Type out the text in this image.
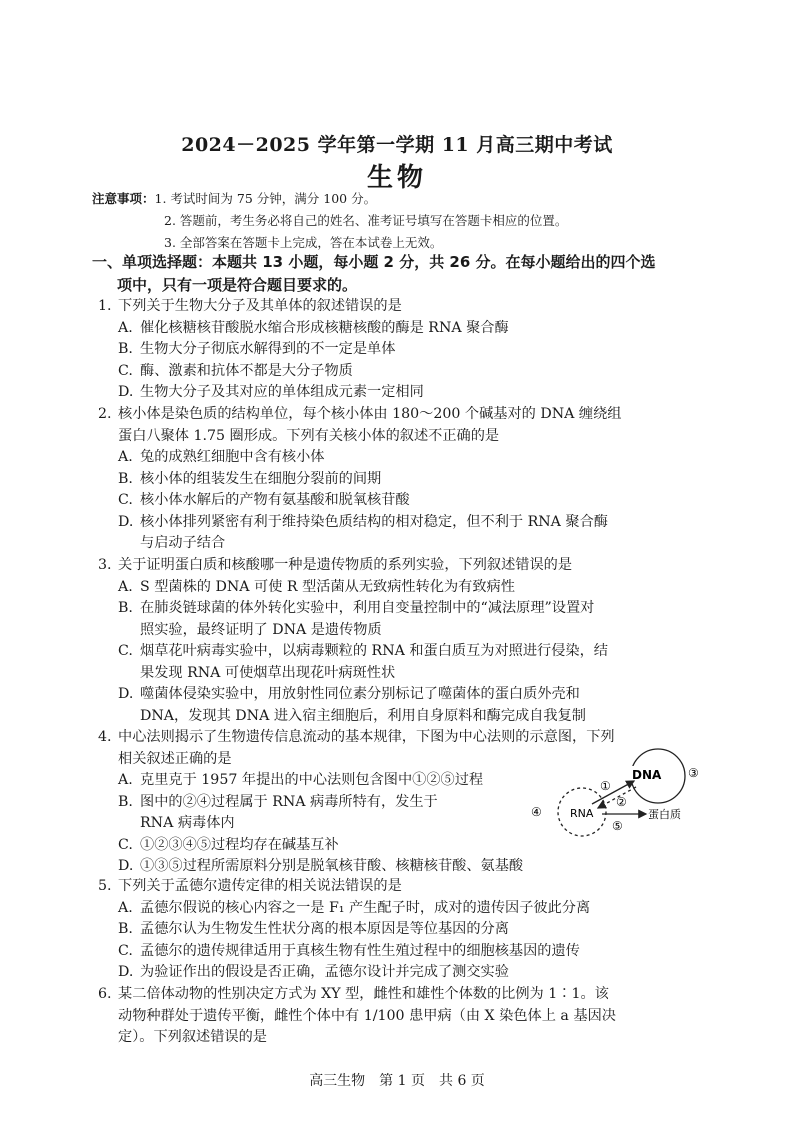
2024－2025 学年第一学期 11 月高三期中考试
生物
注意事项：1. 考试时间为 75 分钟，满分 100 分。
2. 答题前，考生务必将自己的姓名、准考证号填写在答题卡相应的位置。
3. 全部答案在答题卡上完成，答在本试卷上无效。
一、单项选择题：本题共 13 小题，每小题 2 分，共 26 分。在每小题给出的四个选
项中，只有一项是符合题目要求的。
1. 下列关于生物大分子及其单体的叙述错误的是
A. 催化核糖核苷酸脱水缩合形成核糖核酸的酶是 RNA 聚合酶
B. 生物大分子彻底水解得到的不一定是单体
C. 酶、激素和抗体不都是大分子物质
D. 生物大分子及其对应的单体组成元素一定相同
2. 核小体是染色质的结构单位，每个核小体由 180～200 个碱基对的 DNA 缠绕组
蛋白八聚体 1.75 圈形成。下列有关核小体的叙述不正确的是
A. 兔的成熟红细胞中含有核小体
B. 核小体的组装发生在细胞分裂前的间期
C. 核小体水解后的产物有氨基酸和脱氧核苷酸
D. 核小体排列紧密有利于维持染色质结构的相对稳定，但不利于 RNA 聚合酶
与启动子结合
3. 关于证明蛋白质和核酸哪一种是遗传物质的系列实验，下列叙述错误的是
A. S 型菌株的 DNA 可使 R 型活菌从无致病性转化为有致病性
B. 在肺炎链球菌的体外转化实验中，利用自变量控制中的“减法原理”设置对
照实验，最终证明了 DNA 是遗传物质
C. 烟草花叶病毒实验中，以病毒颗粒的 RNA 和蛋白质互为对照进行侵染，结
果发现 RNA 可使烟草出现花叶病斑性状
D. 噬菌体侵染实验中，用放射性同位素分别标记了噬菌体的蛋白质外壳和
DNA，发现其 DNA 进入宿主细胞后，利用自身原料和酶完成自我复制
4. 中心法则揭示了生物遗传信息流动的基本规律，下图为中心法则的示意图，下列
相关叙述正确的是
A. 克里克于 1957 年提出的中心法则包含图中①②⑤过程
B. 图中的②④过程属于 RNA 病毒所特有，发生于
RNA 病毒体内
C. ①②③④⑤过程均存在碱基互补
D. ①③⑤过程所需原料分别是脱氧核苷酸、核糖核苷酸、氨基酸
DNA
RNA	蛋白质
①
②
③
④
⑤
5. 下列关于孟德尔遗传定律的相关说法错误的是
A. 孟德尔假说的核心内容之一是 F₁ 产生配子时，成对的遗传因子彼此分离
B. 孟德尔认为生物发生性状分离的根本原因是等位基因的分离
C. 孟德尔的遗传规律适用于真核生物有性生殖过程中的细胞核基因的遗传
D. 为验证作出的假设是否正确，孟德尔设计并完成了测交实验
6. 某二倍体动物的性别决定方式为 XY 型，雌性和雄性个体数的比例为 1∶1。该
动物种群处于遗传平衡，雌性个体中有 1/100 患甲病（由 X 染色体上 a 基因决
定）。下列叙述错误的是
高三生物　第 1 页　共 6 页
